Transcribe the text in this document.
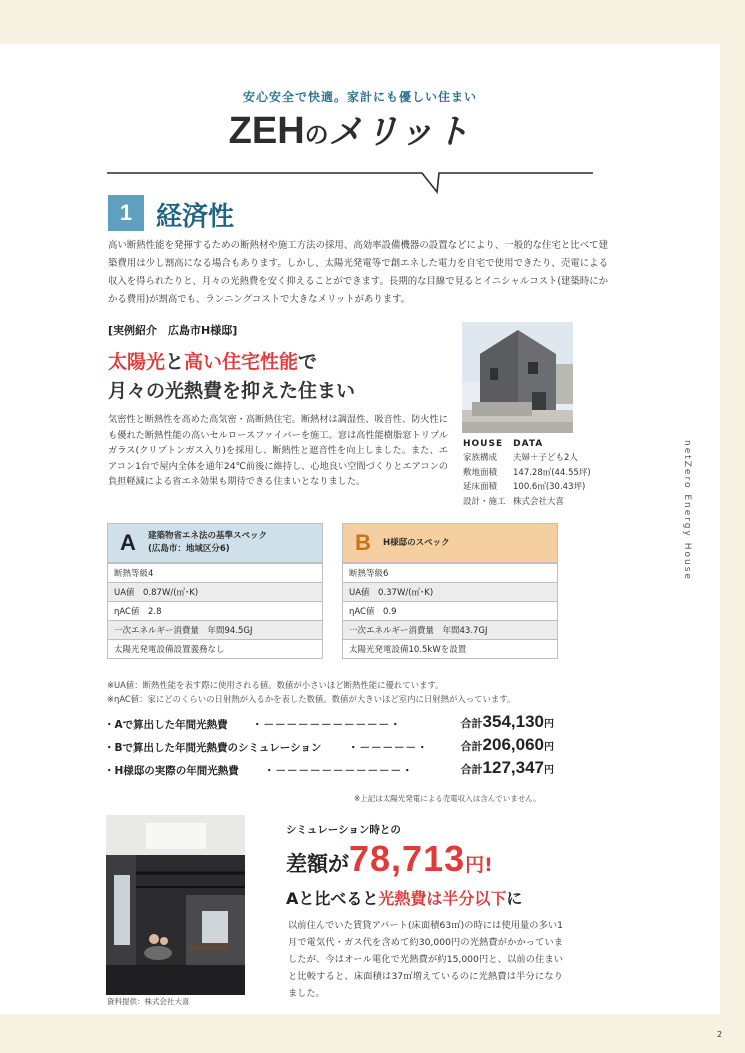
安心安全で快適。家計にも優しい住まい
ZEHのメリット
1 経済性
高い断熱性能を発揮するための断熱材や施工方法の採用、高効率設備機器の設置などにより、一般的な住宅と比べて建築費用は少し割高になる場合もあります。しかし、太陽光発電等で創エネした電力を自宅で使用できたり、売電による収入を得られたりと、月々の光熱費を安く抑えることができます。長期的な目線で見るとイニシャルコスト(建築時にかかる費用)が割高でも、ランニングコストで大きなメリットがあります。
[実例紹介　広島市H様邸]
太陽光と高い住宅性能で
月々の光熱費を抑えた住まい
気密性と断熱性を高めた高気密・高断熱住宅。断熱材は調湿性、吸音性、防火性にも優れた断熱性能の高いセルロースファイバーを施工。窓は高性能樹脂窓トリプルガラス(クリプトンガス入り)を採用し、断熱性と遮音性を向上しました。また、エアコン1台で屋内全体を通年24℃前後に維持し、心地良い空間づくりとエアコンの負担軽減による省エネ効果も期待できる住まいとなりました。
HOUSE　DATA
家族構成 夫婦＋子ども2人
敷地面積 147.28㎡(44.55坪)
延床面積 100.6㎡(30.43坪)
設計・施工 株式会社大喜	netZero Energy House
A	建築物省エネ法の基準スペック
(広島市：地域区分6)
断熱等級4
UA値　0.87W/(㎡･K)
ηAC値　2.8
一次エネルギー消費量　年間94.5GJ
太陽光発電設備設置義務なし
B	H様邸のスペック
断熱等級6
UA値　0.37W/(㎡･K)
ηAC値　0.9
一次エネルギー消費量　年間43.7GJ
太陽光発電設備10.5kWを設置
※UA値：断熱性能を表す際に使用される値。数値が小さいほど断熱性能に優れています。
※ηAC値：家にどのくらいの日射熱が入るかを表した数値。数値が大きいほど室内に日射熱が入っています。
・Aで算出した年間光熱費 ・－－－－－－－－－－－・	合計354,130円
・Bで算出した年間光熱費のシミュレーション	・－－－－－・	合計206,060円
・H様邸の実際の年間光熱費 ・－－－－－－－－－－－・	合計127,347円
※上記は太陽光発電による売電収入は含んでいません。
資料提供：株式会社大喜
シミュレーション時との
差額が78,713円!
Aと比べると光熱費は半分以下に
以前住んでいた賃貸アパート(床面積63㎡)の時には使用量の多い1月で電気代・ガス代を含めて約30,000円の光熱費がかかっていましたが、今はオール電化で光熱費が約15,000円と、以前の住まいと比較すると、床面積は37㎡増えているのに光熱費は半分になりました。
2
